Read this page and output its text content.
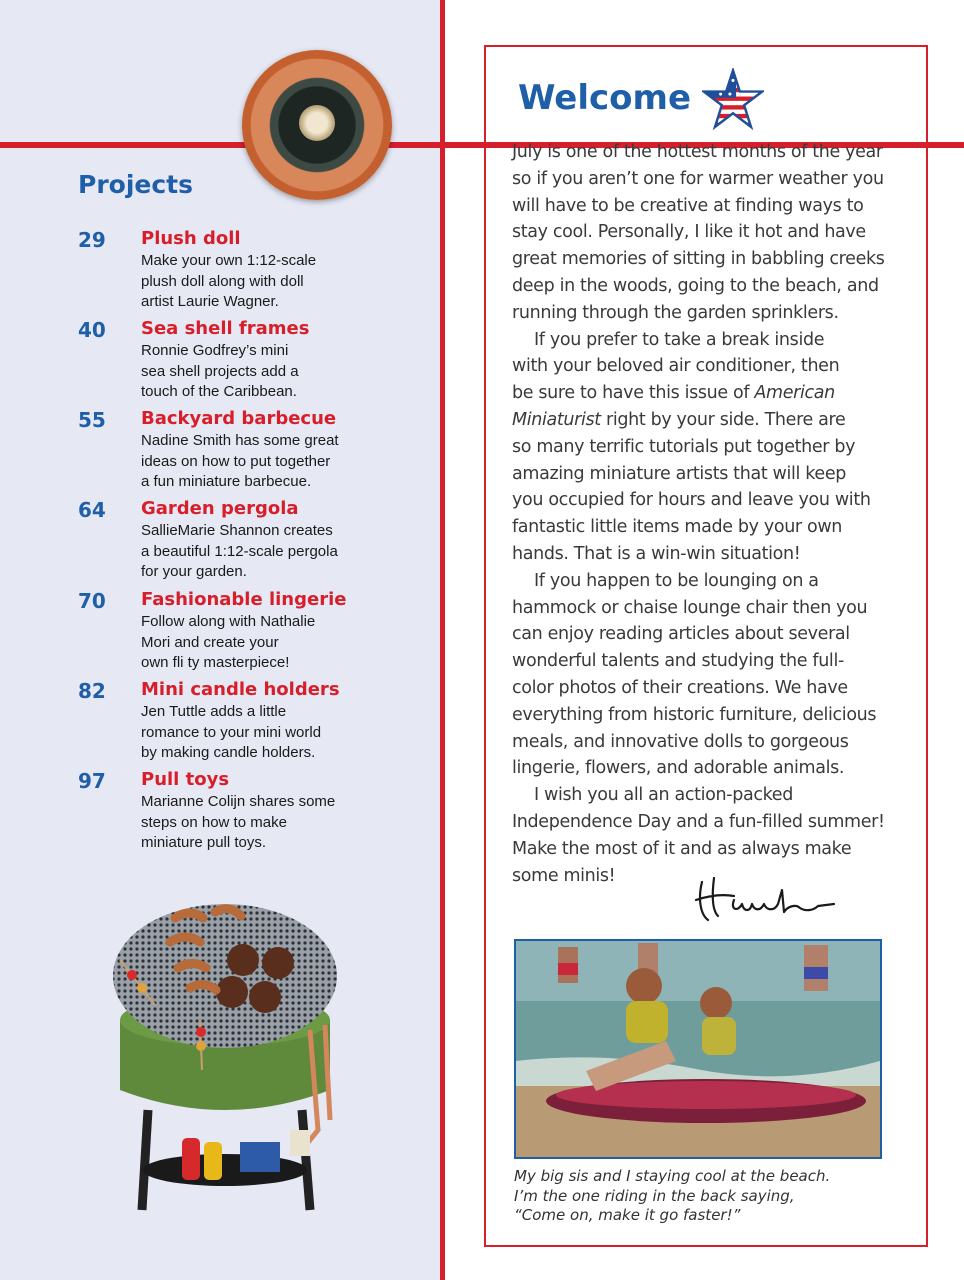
Projects
29 Plush doll
Make your own 1:12-scale
plush doll along with doll
artist Laurie Wagner.
40 Sea shell frames
Ronnie Godfrey’s mini
sea shell projects add a
touch of the Caribbean.
55 Backyard barbecue
Nadine Smith has some great
ideas on how to put together
a fun miniature barbecue.
64 Garden pergola
SallieMarie Shannon creates
a beautiful 1:12-scale pergola
for your garden.
70 Fashionable lingerie
Follow along with Nathalie
Mori and create your
own fli ty masterpiece!
82 Mini candle holders
Jen Tuttle adds a little
romance to your mini world
by making candle holders.
97 Pull toys
Marianne Colijn shares some
steps on how to make
miniature pull toys.
Welcome
July is one of the hottest months of the year
so if you aren’t one for warmer weather you
will have to be creative at finding ways to
stay cool. Personally, I like it hot and have
great memories of sitting in babbling creeks
deep in the woods, going to the beach, and
running through the garden sprinklers.
If you prefer to take a break inside
with your beloved air conditioner, then
be sure to have this issue of American
Miniaturist right by your side. There are
so many terrific tutorials put together by
amazing miniature artists that will keep
you occupied for hours and leave you with
fantastic little items made by your own
hands. That is a win-win situation!
If you happen to be lounging on a
hammock or chaise lounge chair then you
can enjoy reading articles about several
wonderful talents and studying the full-
color photos of their creations. We have
everything from historic furniture, delicious
meals, and innovative dolls to gorgeous
lingerie, flowers, and adorable animals.
I wish you all an action-packed
Independence Day and a fun-filled summer!
Make the most of it and as always make
some minis!
My big sis and I staying cool at the beach.
I’m the one riding in the back saying,
“Come on, make it go faster!”
